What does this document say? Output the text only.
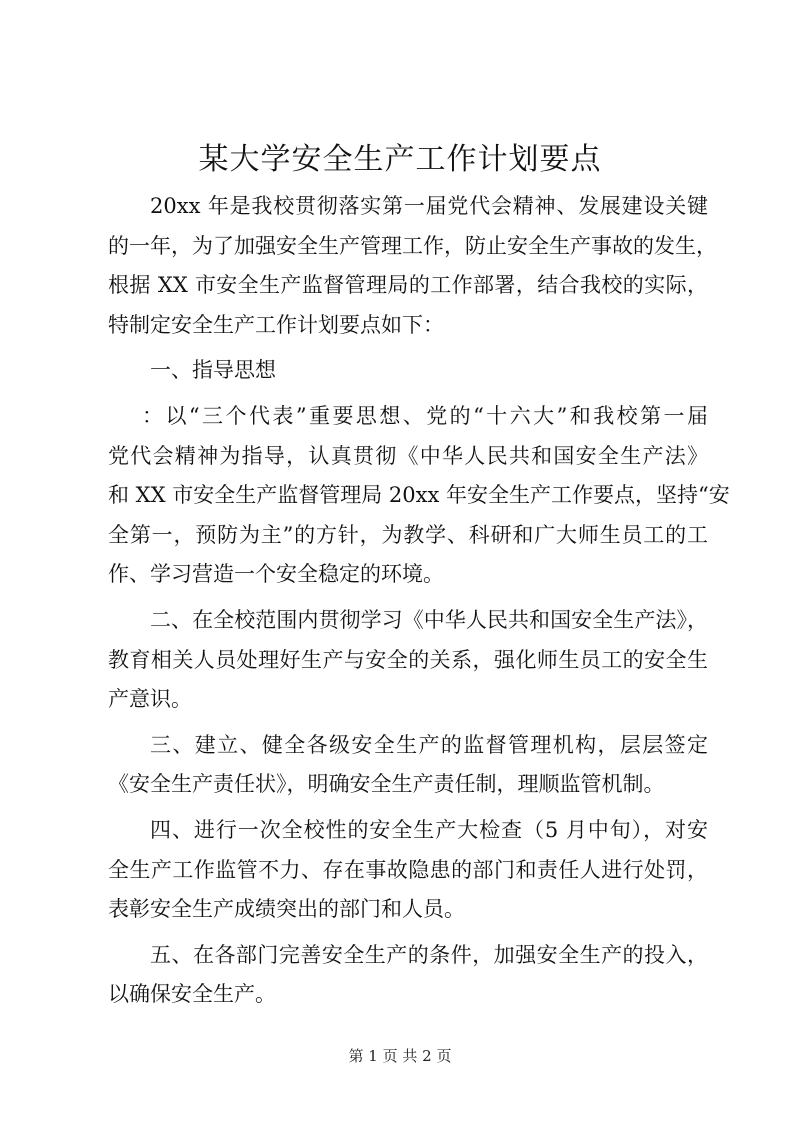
某大学安全生产工作计划要点
20xx 年是我校贯彻落实第一届党代会精神、发展建设关键
的一年，为了加强安全生产管理工作，防止安全生产事故的发生，
根据 XX 市安全生产监督管理局的工作部署，结合我校的实际，
特制定安全生产工作计划要点如下：
一、指导思想
：以“三个代表”重要思想、党的“十六大”和我校第一届
党代会精神为指导，认真贯彻《中华人民共和国安全生产法》
和 XX 市安全生产监督管理局 20xx 年安全生产工作要点，坚持“安
全第一，预防为主”的方针，为教学、科研和广大师生员工的工
作、学习营造一个安全稳定的环境。
二、在全校范围内贯彻学习《中华人民共和国安全生产法》，
教育相关人员处理好生产与安全的关系，强化师生员工的安全生
产意识。
三、建立、健全各级安全生产的监督管理机构，层层签定
《安全生产责任状》，明确安全生产责任制，理顺监管机制。
四、进行一次全校性的安全生产大检查（5 月中旬），对安
全生产工作监管不力、存在事故隐患的部门和责任人进行处罚，
表彰安全生产成绩突出的部门和人员。
五、在各部门完善安全生产的条件，加强安全生产的投入，
以确保安全生产。
第 1 页 共 2 页
